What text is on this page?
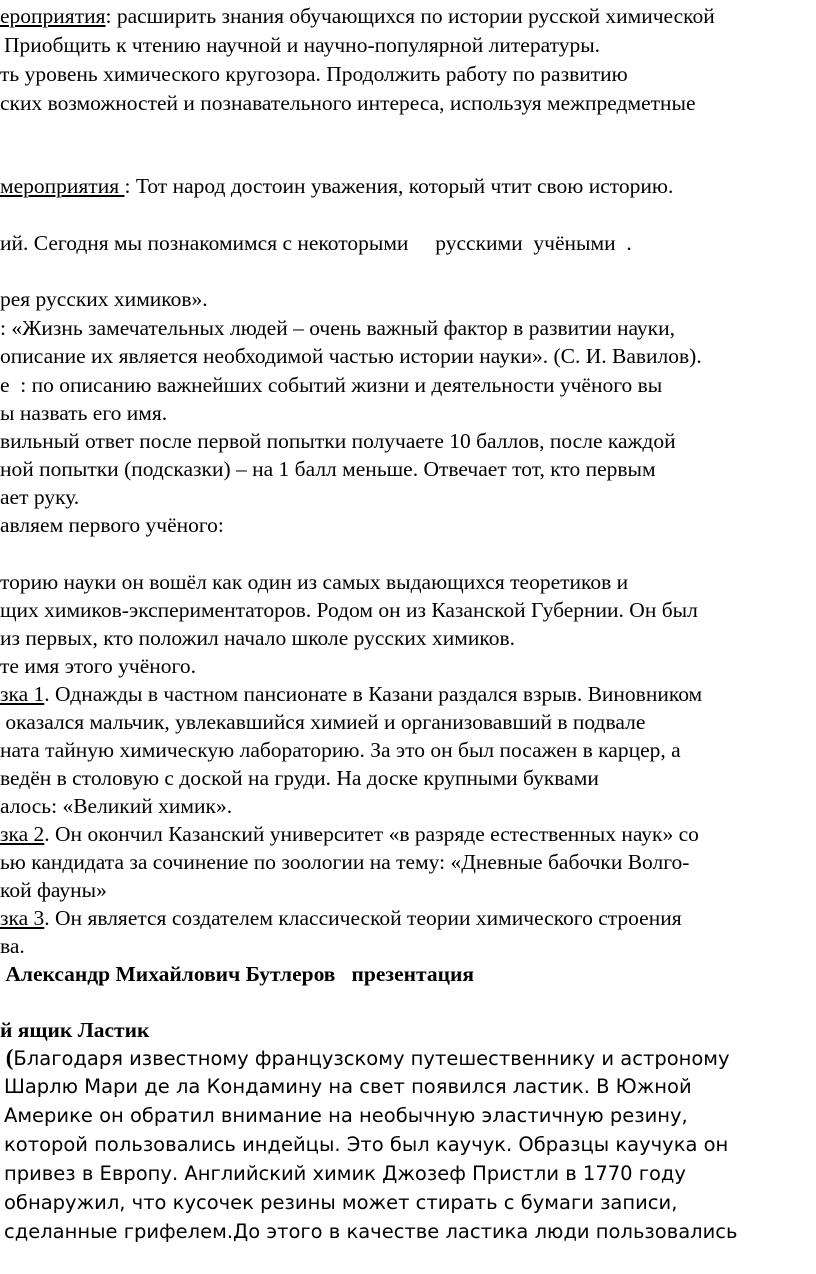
ероприятия: расширить знания обучающихся по истории русской химической
Приобщить к чтению научной и научно-популярной литературы.
ть уровень химического кругозора. Продолжить работу по развитию
ских возможностей и познавательного интереса, используя межпредметные
мероприятия : Тот народ достоин уважения, который чтит свою историю.
ий. Сегодня мы познакомимся с некоторыми     русскими  учёными  .
рея русских химиков».
: «Жизнь замечательных людей – очень важный фактор в развитии науки,
описание их является необходимой частью истории науки». (С. И. Вавилов).
е  : по описанию важнейших событий жизни и деятельности учёного вы
ы назвать его имя.
вильный ответ после первой попытки получаете 10 баллов, после каждой
ной попытки (подсказки) – на 1 балл меньше. Отвечает тот, кто первым
ает руку.
авляем первого учёного:
торию науки он вошёл как один из самых выдающихся теоретиков и
щих химиков-экспериментаторов. Родом он из Казанской Губернии. Он был
из первых, кто положил начало школе русских химиков.
те имя этого учёного.
зка 1. Однажды в частном пансионате в Казани раздался взрыв. Виновником
оказался мальчик, увлекавшийся химией и организовавший в подвале
ната тайную химическую лабораторию. За это он был посажен в карцер, а
ведён в столовую с доской на груди. На доске крупными буквами
алось: «Великий химик».
зка 2. Он окончил Казанский университет «в разряде естественных наук» со
ью кандидата за сочинение по зоологии на тему: «Дневные бабочки Волго-
кой фауны»
зка 3. Он является создателем классической теории химического строения
ва.
Александр Михайлович Бутлеров   презентация
й ящик Ластик
(Благодаря известному французскому путешественнику и астроному
Шарлю Мари де ла Кондамину на свет появился ластик. В Южной
Америке он обратил внимание на необычную эластичную резину,
которой пользовались индейцы. Это был каучук. Образцы каучука он
привез в Европу. Английский химик Джозеф Пристли в 1770 году
обнаружил, что кусочек резины может стирать с бумаги записи,
сделанные грифелем.До этого в качестве ластика люди пользовались
